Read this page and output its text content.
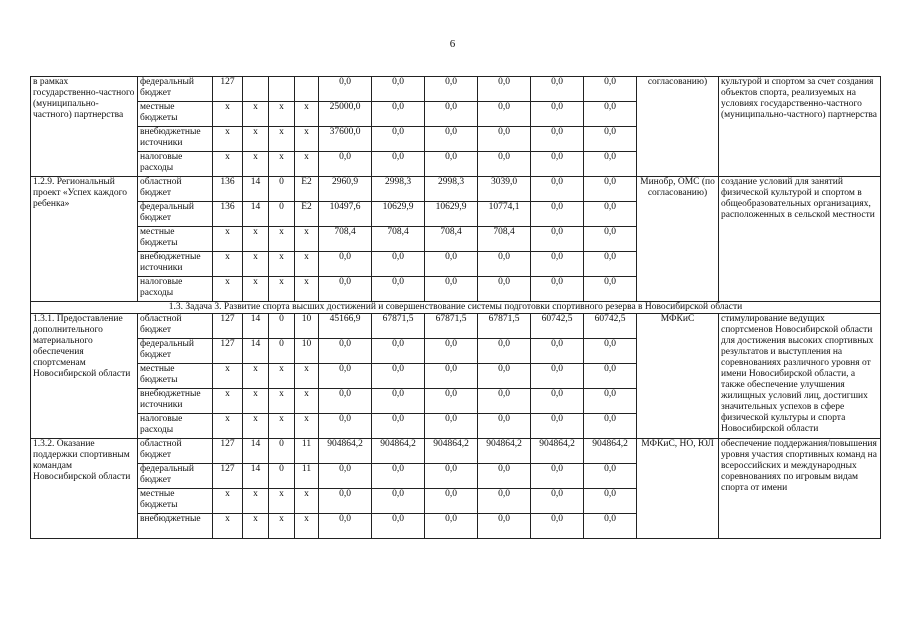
6
в рамках государственно-частного (муниципально-частного) партнерства	федеральный бюджет	127				0,0	0,0	0,0	0,0	0,0	0,0	согласованию)	культурой и спортом за счет создания объектов спорта, реализуемых на условиях государственно-частного (муниципально-частного) партнерства
	местные бюджеты	x	x	x	x	25000,0	0,0	0,0	0,0	0,0	0,0		
	внебюджетные источники	x	x	x	x	37600,0	0,0	0,0	0,0	0,0	0,0		
	налоговые расходы	x	x	x	x	0,0	0,0	0,0	0,0	0,0	0,0		
1.2.9. Региональный проект «Успех каждого ребенка»	областной бюджет	136	14	0	E2	2960,9	2998,3	2998,3	3039,0	0,0	0,0	Минобр, ОМС (по согласованию)	создание условий для занятий физической культурой и спортом в общеобразовательных организациях, расположенных в сельской местности
	федеральный бюджет	136	14	0	E2	10497,6	10629,9	10629,9	10774,1	0,0	0,0		
	местные бюджеты	x	x	x	x	708,4	708,4	708,4	708,4	0,0	0,0		
	внебюджетные источники	x	x	x	x	0,0	0,0	0,0	0,0	0,0	0,0		
	налоговые расходы	x	x	x	x	0,0	0,0	0,0	0,0	0,0	0,0		
1.3. Задача 3. Развитие спорта высших достижений и совершенствование системы подготовки спортивного резерва в Новосибирской области													
1.3.1. Предоставление дополнительного материального обеспечения спортсменам Новосибирской области	областной бюджет	127	14	0	10	45166,9	67871,5	67871,5	67871,5	60742,5	60742,5	МФКиС	стимулирование ведущих спортсменов Новосибирской области для достижения высоких спортивных результатов и выступления на соревнованиях различного уровня от имени Новосибирской области, а также обеспечение улучшения жилищных условий лиц, достигших значительных успехов в сфере физической культуры и спорта Новосибирской области
	федеральный бюджет	127	14	0	10	0,0	0,0	0,0	0,0	0,0	0,0		
	местные бюджеты	x	x	x	x	0,0	0,0	0,0	0,0	0,0	0,0		
	внебюджетные источники	x	x	x	x	0,0	0,0	0,0	0,0	0,0	0,0		
	налоговые расходы	x	x	x	x	0,0	0,0	0,0	0,0	0,0	0,0		
1.3.2. Оказание поддержки спортивным командам Новосибирской области	областной бюджет	127	14	0	11	904864,2	904864,2	904864,2	904864,2	904864,2	904864,2	МФКиС, НО, ЮЛ	обеспечение поддержания/повышения уровня участия спортивных команд на всероссийских и международных соревнованиях по игровым видам спорта от имени
	федеральный бюджет	127	14	0	11	0,0	0,0	0,0	0,0	0,0	0,0		
	местные бюджеты	x	x	x	x	0,0	0,0	0,0	0,0	0,0	0,0		
	внебюджетные	x	x	x	x	0,0	0,0	0,0	0,0	0,0	0,0		
